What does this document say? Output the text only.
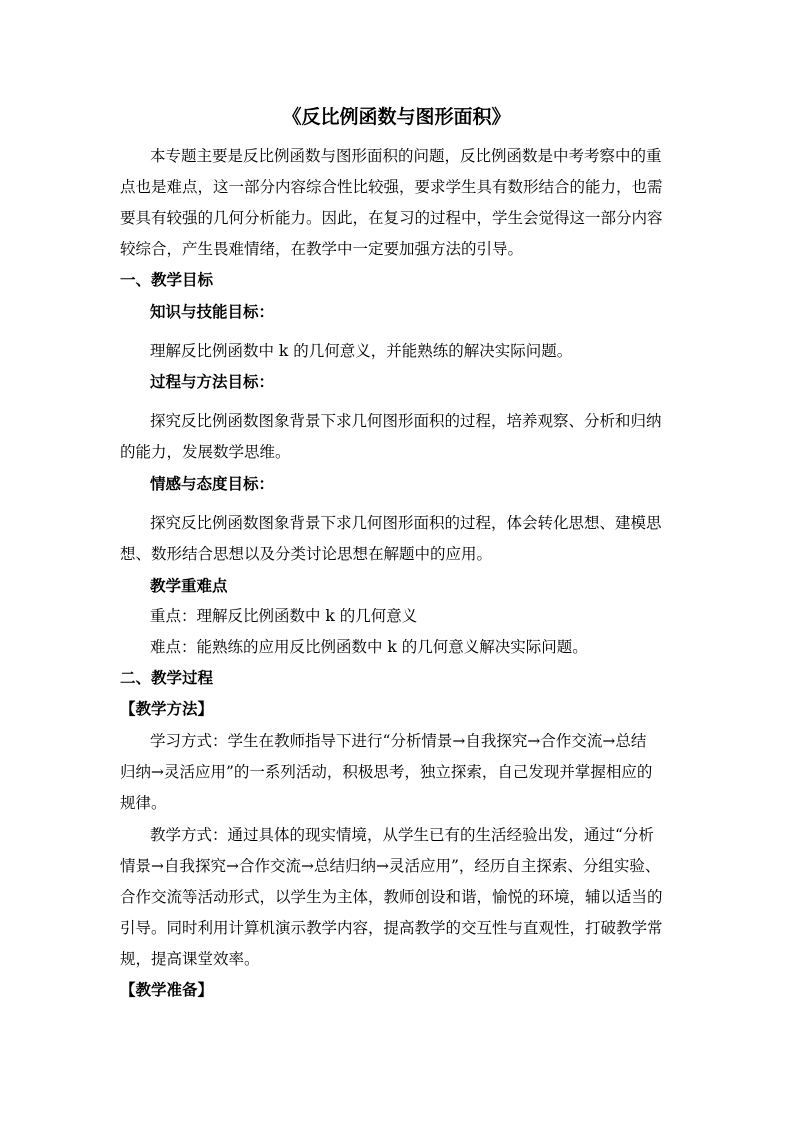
《反比例函数与图形面积》
本专题主要是反比例函数与图形面积的问题，反比例函数是中考考察中的重
点也是难点，这一部分内容综合性比较强，要求学生具有数形结合的能力，也需
要具有较强的几何分析能力。因此，在复习的过程中，学生会觉得这一部分内容
较综合，产生畏难情绪，在教学中一定要加强方法的引导。
一、教学目标
知识与技能目标：
理解反比例函数中 k 的几何意义，并能熟练的解决实际问题。
过程与方法目标：
探究反比例函数图象背景下求几何图形面积的过程，培养观察、分析和归纳
的能力，发展数学思维。
情感与态度目标：
探究反比例函数图象背景下求几何图形面积的过程，体会转化思想、建模思
想、数形结合思想以及分类讨论思想在解题中的应用。
教学重难点
重点：理解反比例函数中 k 的几何意义
难点：能熟练的应用反比例函数中 k 的几何意义解决实际问题。
二、教学过程
【教学方法】
学习方式：学生在教师指导下进行“分析情景→自我探究→合作交流→总结
归纳→灵活应用”的一系列活动，积极思考，独立探索，自己发现并掌握相应的
规律。
教学方式：通过具体的现实情境，从学生已有的生活经验出发，通过“分析
情景→自我探究→合作交流→总结归纳→灵活应用”，经历自主探索、分组实验、
合作交流等活动形式，以学生为主体，教师创设和谐，愉悦的环境，辅以适当的
引导。同时利用计算机演示教学内容，提高教学的交互性与直观性，打破教学常
规，提高课堂效率。
【教学准备】
